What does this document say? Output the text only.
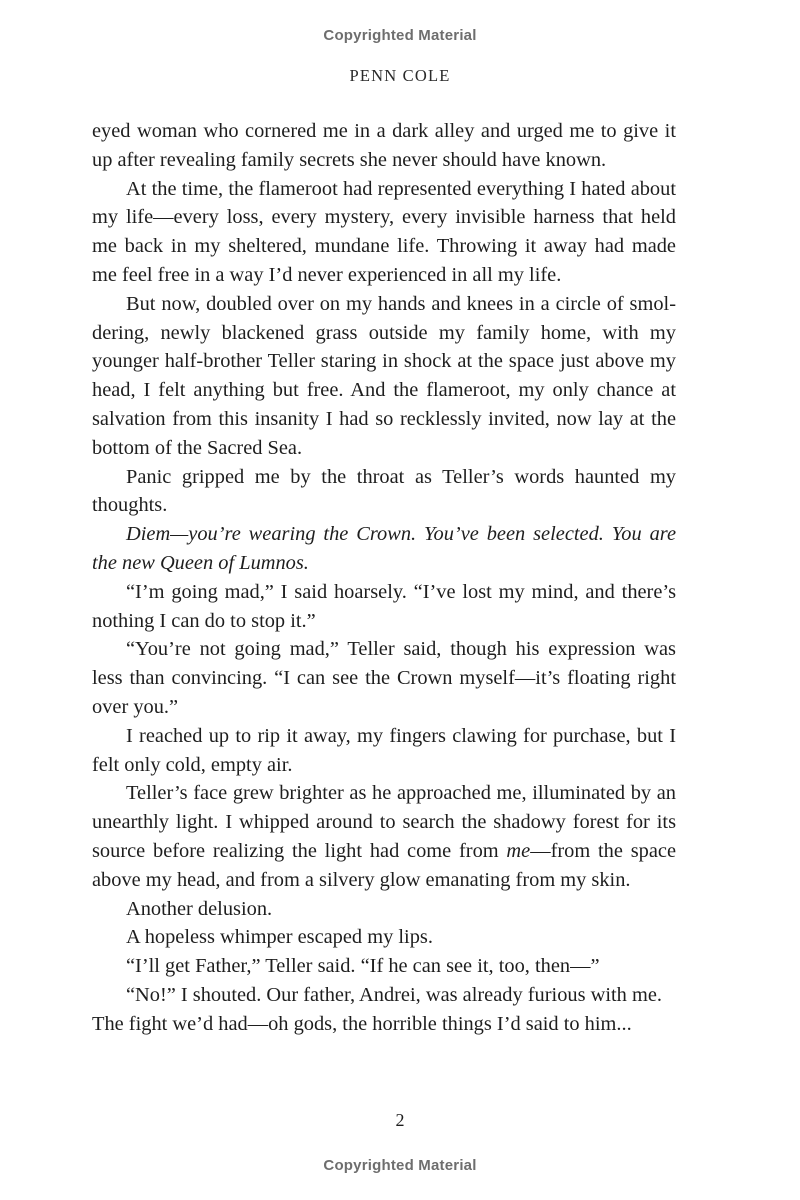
Copyrighted Material
PENN COLE

eyed woman who cornered me in a dark alley and urged me to give it up after revealing family secrets she never should have known.

At the time, the flameroot had represented everything I hated about my life—every loss, every mystery, every invisible harness that held me back in my sheltered, mundane life. Throwing it away had made me feel free in a way I’d never experienced in all my life.

But now, doubled over on my hands and knees in a circle of smol-dering, newly blackened grass outside my family home, with my younger half-brother Teller staring in shock at the space just above my head, I felt anything but free. And the flameroot, my only chance at salvation from this insanity I had so recklessly invited, now lay at the bottom of the Sacred Sea.

Panic gripped me by the throat as Teller’s words haunted my thoughts.

Diem—you’re wearing the Crown. You’ve been selected. You are the new Queen of Lumnos.

“I’m going mad,” I said hoarsely. “I’ve lost my mind, and there’s nothing I can do to stop it.”

“You’re not going mad,” Teller said, though his expression was less than convincing. “I can see the Crown myself—it’s floating right over you.”

I reached up to rip it away, my fingers clawing for purchase, but I felt only cold, empty air.

Teller’s face grew brighter as he approached me, illuminated by an unearthly light. I whipped around to search the shadowy forest for its source before realizing the light had come from me—from the space above my head, and from a silvery glow emanating from my skin.

Another delusion.

A hopeless whimper escaped my lips.

“I’ll get Father,” Teller said. “If he can see it, too, then—”

“No!” I shouted. Our father, Andrei, was already furious with me. The fight we’d had—oh gods, the horrible things I’d said to him...

2
Copyrighted Material
